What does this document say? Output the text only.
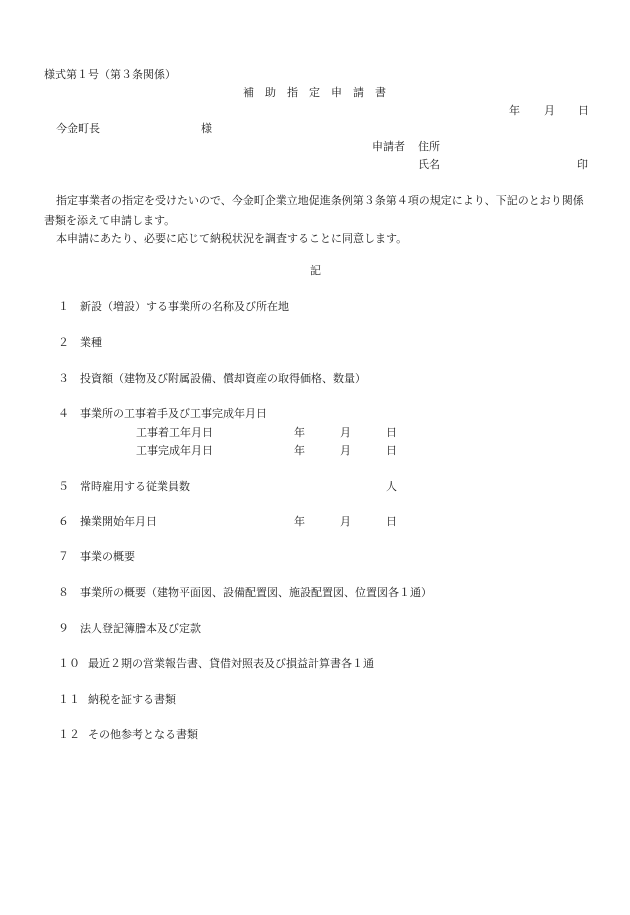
様式第１号（第３条関係）
補　助　指　定　申　請　書
年 月 日
今金町長	様
申請者 住所
氏名	印
指定事業者の指定を受けたいので、今金町企業立地促進条例第３条第４項の規定により、下記のとおり関係書類を添えて申請します。
本申請にあたり、必要に応じて納税状況を調査することに同意します。
記
１ 新設（増設）する事業所の名称及び所在地
２ 業種
３ 投資額（建物及び附属設備、償却資産の取得価格、数量）
４ 事業所の工事着手及び工事完成年月日
工事着工年月日	年	月	日
工事完成年月日	年	月	日
５ 常時雇用する従業員数	人
６ 操業開始年月日	年	月	日
７ 事業の概要
８ 事業所の概要（建物平面図、設備配置図、施設配置図、位置図各１通）
９ 法人登記簿謄本及び定款
１０ 最近２期の営業報告書、貸借対照表及び損益計算書各１通
１１ 納税を証する書類
１２ その他参考となる書類
